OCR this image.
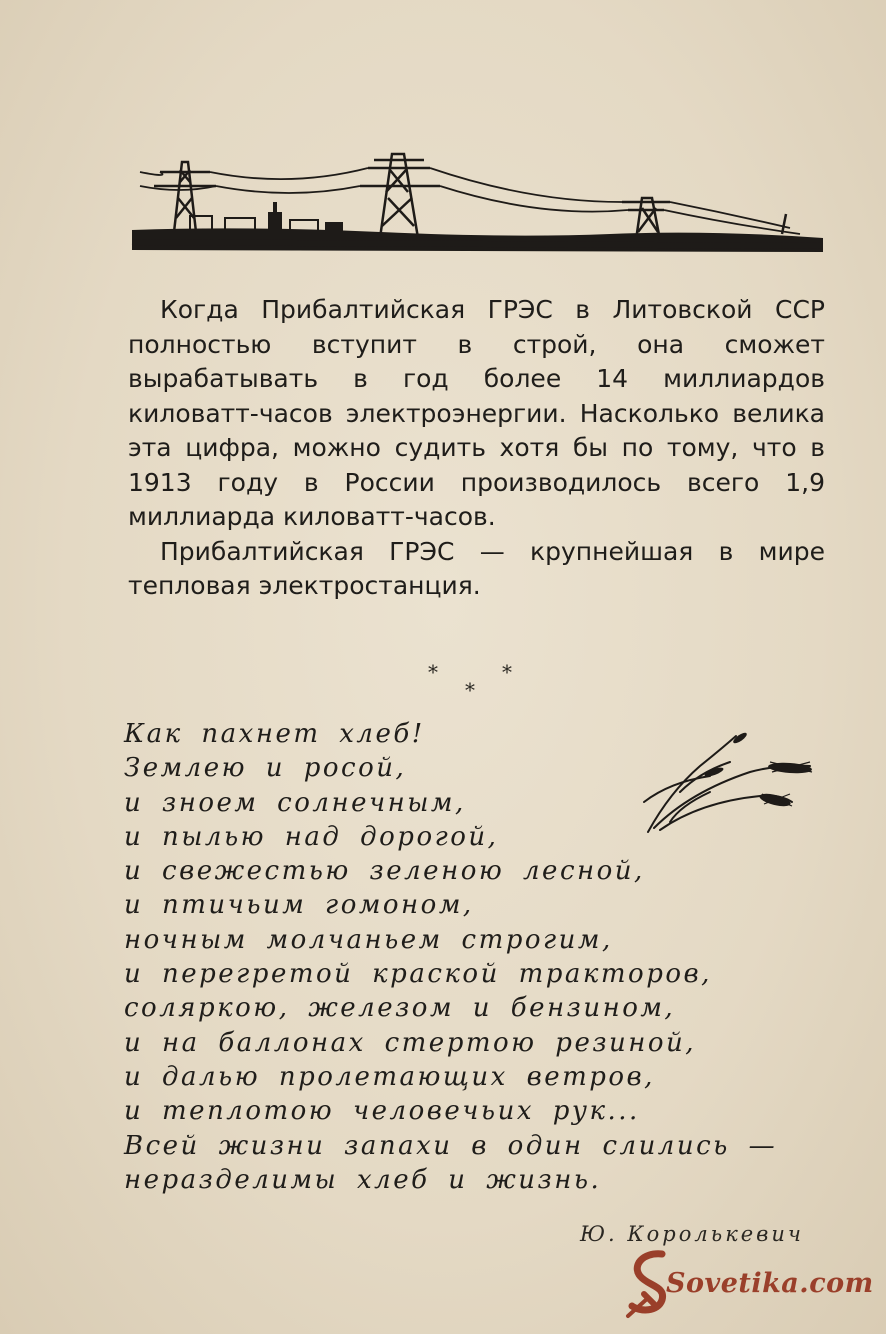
Когда Прибалтийская ГРЭС в Литовской ССР полностью вступит в строй, она сможет вырабатывать в год более 14 миллиардов киловатт-часов электроэнергии. Насколько велика эта цифра, можно судить хотя бы по тому, что в 1913 году в России производилось всего 1,9 миллиарда киловатт-часов.

Прибалтийская ГРЭС — крупнейшая в мире тепловая электростанция.

*	*
*
Как пахнет хлеб!
Землею и росой,
и зноем солнечным,
и пылью над дорогой,
и свежестью зеленою лесной,
и птичьим гомоном,
ночным молчаньем строгим,
и перегретой краской тракторов,
соляркою, железом и бензином,
и на баллонах стертою резиной,
и далью пролетающих ветров,
и теплотою человечьих рук...
Всей жизни запахи в один слились —
неразделимы хлеб и жизнь.
Ю. Королькевич
Sovetika.com
